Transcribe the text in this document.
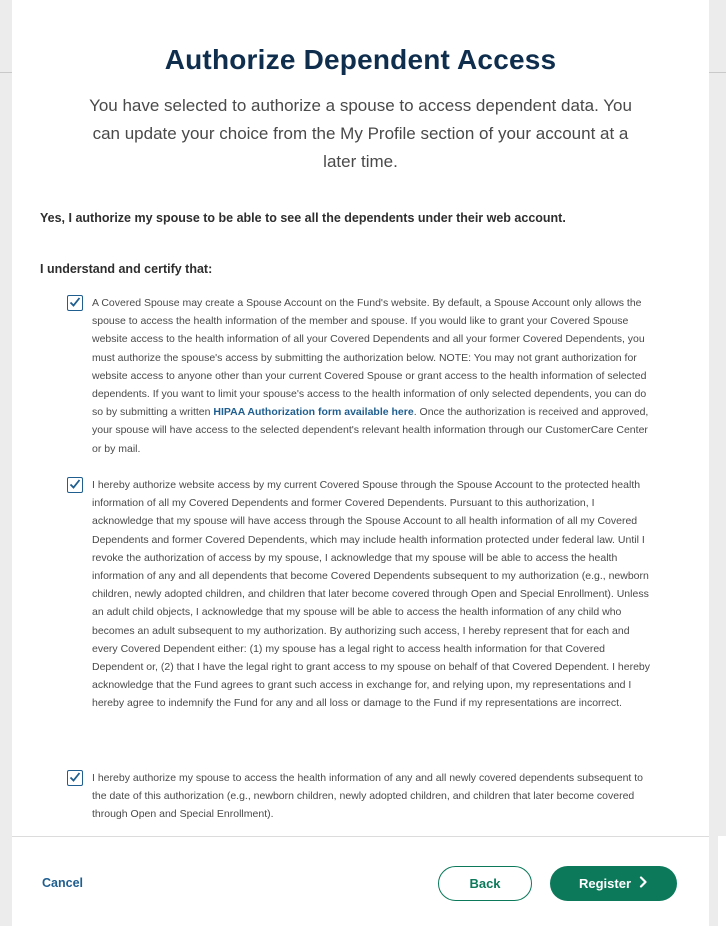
Authorize Dependent Access
You have selected to authorize a spouse to access dependent data. You can update your choice from the My Profile section of your account at a later time.
Yes, I authorize my spouse to be able to see all the dependents under their web account.
I understand and certify that:
A Covered Spouse may create a Spouse Account on the Fund's website. By default, a Spouse Account only allows the spouse to access the health information of the member and spouse. If you would like to grant your Covered Spouse website access to the health information of all your Covered Dependents and all your former Covered Dependents, you must authorize the spouse's access by submitting the authorization below. NOTE: You may not grant authorization for website access to anyone other than your current Covered Spouse or grant access to the health information of selected dependents. If you want to limit your spouse's access to the health information of only selected dependents, you can do so by submitting a written HIPAA Authorization form available here. Once the authorization is received and approved, your spouse will have access to the selected dependent's relevant health information through our CustomerCare Center or by mail.
I hereby authorize website access by my current Covered Spouse through the Spouse Account to the protected health information of all my Covered Dependents and former Covered Dependents. Pursuant to this authorization, I acknowledge that my spouse will have access through the Spouse Account to all health information of all my Covered Dependents and former Covered Dependents, which may include health information protected under federal law. Until I revoke the authorization of access by my spouse, I acknowledge that my spouse will be able to access the health information of any and all dependents that become Covered Dependents subsequent to my authorization (e.g., newborn children, newly adopted children, and children that later become covered through Open and Special Enrollment). Unless an adult child objects, I acknowledge that my spouse will be able to access the health information of any child who becomes an adult subsequent to my authorization. By authorizing such access, I hereby represent that for each and every Covered Dependent either: (1) my spouse has a legal right to access health information for that Covered Dependent or, (2) that I have the legal right to grant access to my spouse on behalf of that Covered Dependent. I hereby acknowledge that the Fund agrees to grant such access in exchange for, and relying upon, my representations and I hereby agree to indemnify the Fund for any and all loss or damage to the Fund if my representations are incorrect.
I hereby authorize my spouse to access the health information of any and all newly covered dependents subsequent to the date of this authorization (e.g., newborn children, newly adopted children, and children that later become covered through Open and Special Enrollment).
Cancel	Back	Register
